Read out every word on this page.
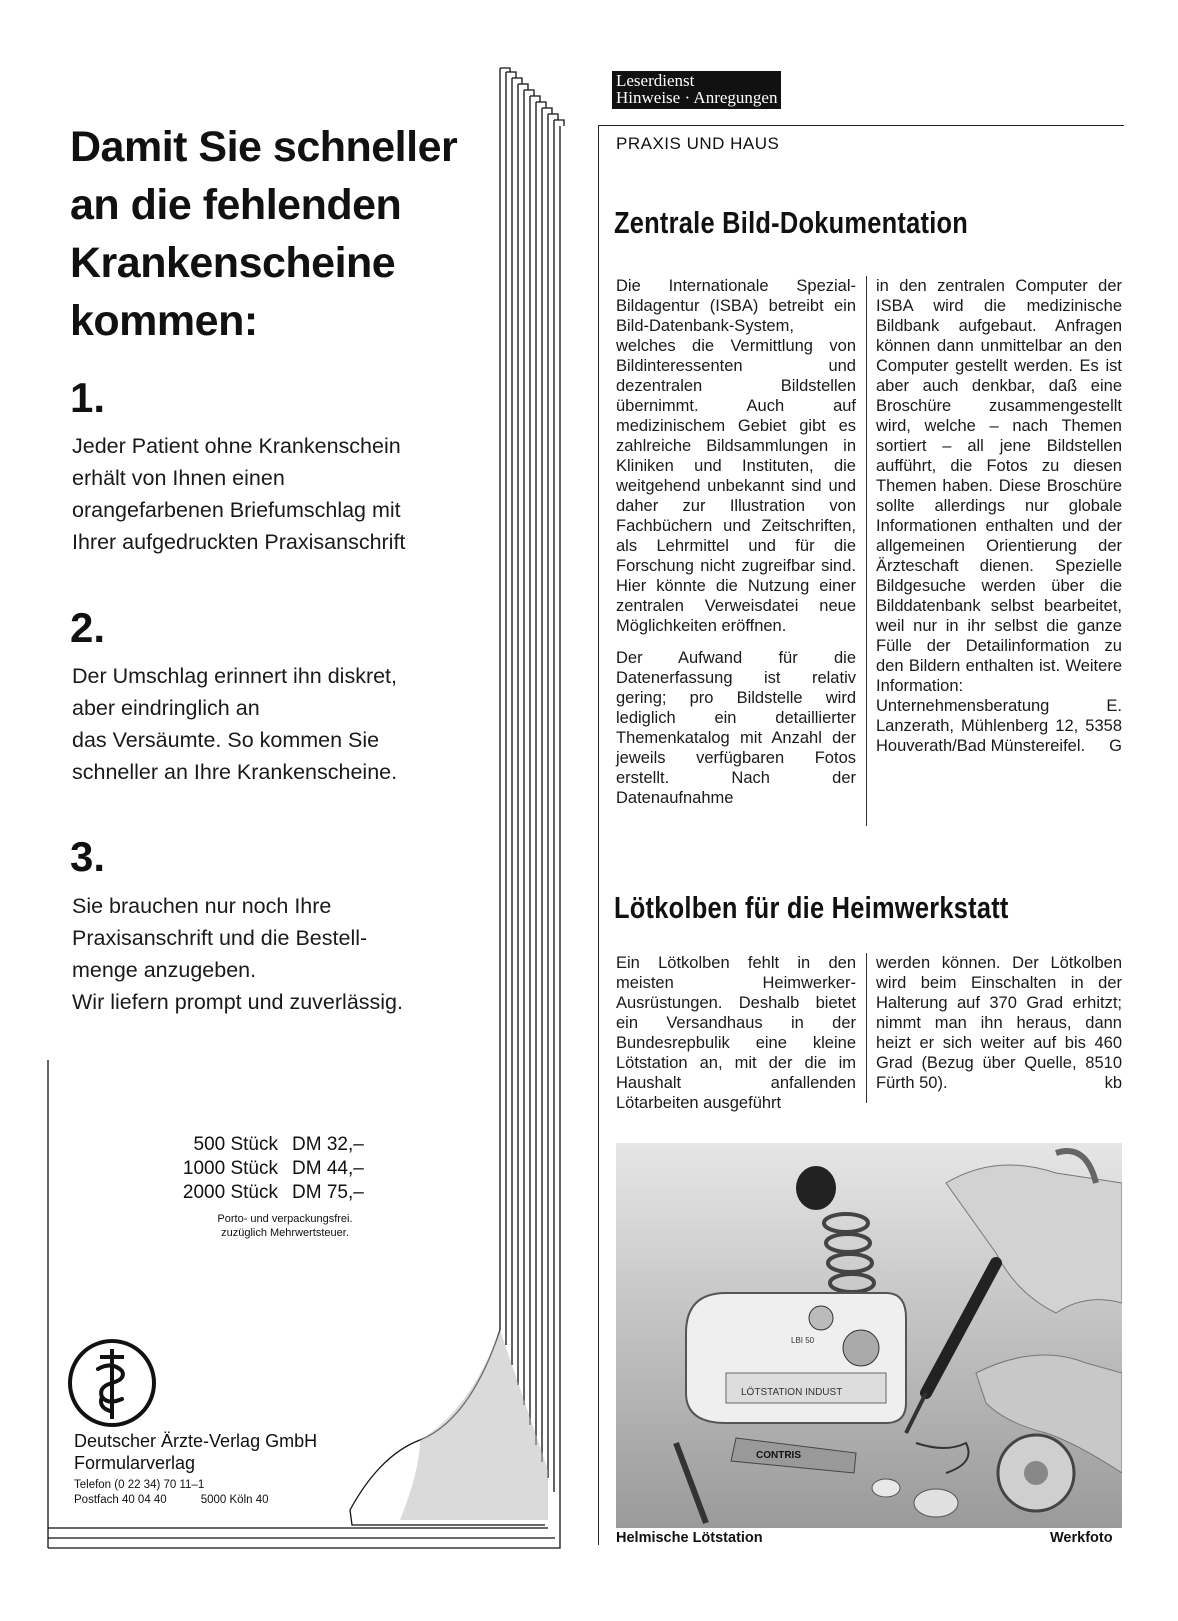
Damit Sie schneller
an die fehlenden
Krankenscheine
kommen:
1.
Jeder Patient ohne Krankenschein
erhält von Ihnen einen
orangefarbenen Briefumschlag mit
Ihrer aufgedruckten Praxisanschrift
2.
Der Umschlag erinnert ihn diskret,
aber eindringlich an
das Versäumte. So kommen Sie
schneller an Ihre Krankenscheine.
3.
Sie brauchen nur noch Ihre
Praxisanschrift und die Bestell-
menge anzugeben.
Wir liefern prompt und zuverlässig.
500 Stück DM 32,–
1000 Stück DM 44,–
2000 Stück DM 75,–
Porto- und verpackungsfrei.
zuzüglich Mehrwertsteuer.
Deutscher Ärzte-Verlag GmbH
Formularverlag
Telefon (0 22 34) 70 11–1
Postfach 40 04 40	5000 Köln 40
Leserdienst
Hinweise · Anregungen
PRAXIS UND HAUS
Zentrale Bild-Dokumentation

Die Internationale Spezial-Bildagentur (ISBA) betreibt ein Bild-Datenbank-System, welches die Vermittlung von Bildinteressenten und dezentralen Bildstellen übernimmt. Auch auf medizinischem Gebiet gibt es zahlreiche Bildsammlungen in Kliniken und Instituten, die weitgehend unbekannt sind und daher zur Illustration von Fachbüchern und Zeitschriften, als Lehrmittel und für die Forschung nicht zugreifbar sind. Hier könnte die Nutzung einer zentralen Verweisdatei neue Möglichkeiten eröffnen.

Der Aufwand für die Datenerfassung ist relativ gering; pro Bildstelle wird lediglich ein detaillierter Themenkatalog mit Anzahl der jeweils verfügbaren Fotos erstellt. Nach der Datenaufnahme

in den zentralen Computer der ISBA wird die medizinische Bildbank aufgebaut. Anfragen können dann unmittelbar an den Computer gestellt werden. Es ist aber auch denkbar, daß eine Broschüre zusammengestellt wird, welche – nach Themen sortiert – all jene Bildstellen aufführt, die Fotos zu diesen Themen haben. Diese Broschüre sollte allerdings nur globale Informationen enthalten und der allgemeinen Orientierung der Ärzteschaft dienen. Spezielle Bildgesuche werden über die Bilddatenbank selbst bearbeitet, weil nur in ihr selbst die ganze Fülle der Detailinformation zu den Bildern enthalten ist. Weitere Information: Unternehmensberatung E. Lanzerath, Mühlenberg 12, 5358 Houverath/Bad Münstereifel.	G
Lötkolben für die Heimwerkstatt

Ein Lötkolben fehlt in den meisten Heimwerker-Ausrüstungen. Deshalb bietet ein Versandhaus in der Bundesrepbulik eine kleine Lötstation an, mit der die im Haushalt anfallenden Lötarbeiten ausgeführt

werden können. Der Lötkolben wird beim Einschalten in der Halterung auf 370 Grad erhitzt; nimmt man ihn heraus, dann heizt er sich weiter auf bis 460 Grad (Bezug über Quelle, 8510 Fürth 50).	kb
LÖTSTATION INDUST
LBI 50
CONTRIS
Helmische Lötstation	Werkfoto
